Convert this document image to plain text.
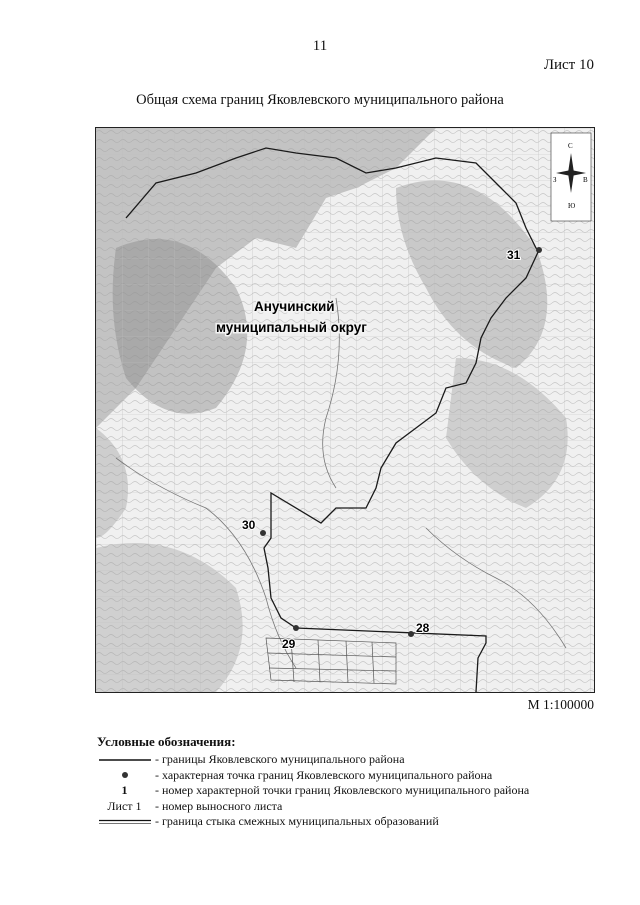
11
Лист 10
Общая схема границ Яковлевского муниципального района
31
30
29
28
Анучинский
муниципальный округ
С
Ю
З	В
М 1:100000
Условные обозначения:
- границы Яковлевского муниципального района
- характерная точка границ Яковлевского муниципального района
1	- номер характерной точки границ Яковлевского муниципального района
Лист 1	- номер выносного листа
- граница стыка смежных муниципальных образований
